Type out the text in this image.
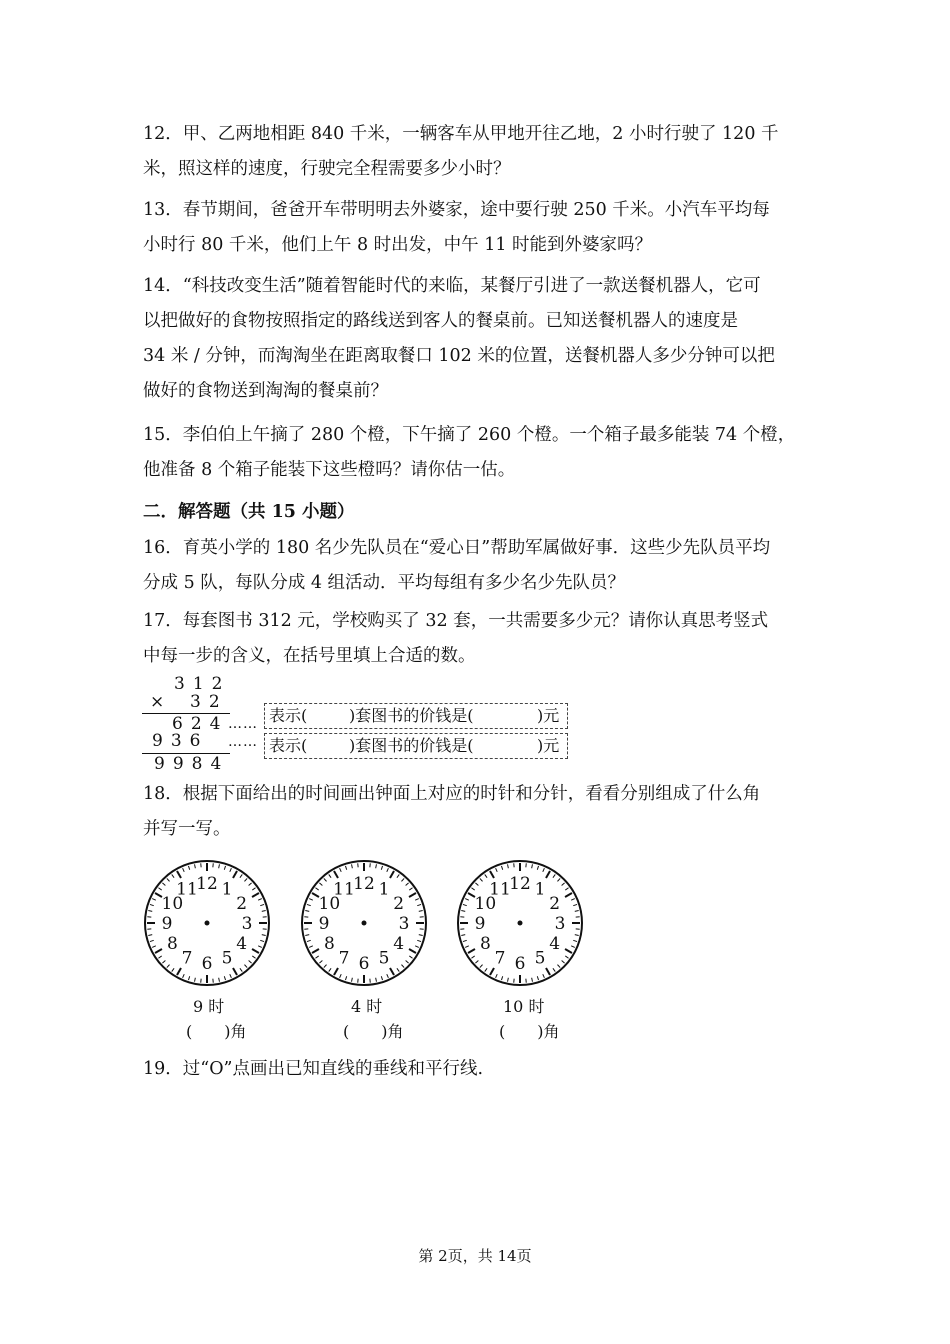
12．甲、乙两地相距 840 千米，一辆客车从甲地开往乙地，2 小时行驶了 120 千
米，照这样的速度，行驶完全程需要多少小时？
13．春节期间，爸爸开车带明明去外婆家，途中要行驶 250 千米。小汽车平均每
小时行 80 千米，他们上午 8 时出发，中午 11 时能到外婆家吗？
14．“科技改变生活”随着智能时代的来临，某餐厅引进了一款送餐机器人，它可
以把做好的食物按照指定的路线送到客人的餐桌前。已知送餐机器人的速度是
34 米 / 分钟，而淘淘坐在距离取餐口 102 米的位置，送餐机器人多少分钟可以把
做好的食物送到淘淘的餐桌前？
15．李伯伯上午摘了 280 个橙，下午摘了 260 个橙。一个箱子最多能装 74 个橙，
他准备 8 个箱子能装下这些橙吗？请你估一估。
二．解答题（共 15 小题）
16．育英小学的 180 名少先队员在“爱心日”帮助军属做好事．这些少先队员平均
分成 5 队，每队分成 4 组活动．平均每组有多少名少先队员？
17．每套图书 312 元，学校购买了 32 套，一共需要多少元？请你认真思考竖式
中每一步的含义，在括号里填上合适的数。
312
× 32
624 ……
936 ……
9984
表示(	)套图书的价钱是(	)元
表示(	)套图书的价钱是(	)元
18．根据下面给出的时间画出钟面上对应的时针和分针，看看分别组成了什么角
并写一写。
12 1
2
3
4
5
6
7
8
9
10
11	12 1
2
3
4
5
6
7
8
9
10
11	12 1
2
3
4
5
6
7
8
9
10
11
9 时	4 时	10 时
(　　)角	(　　)角	(　　)角
19．过“O”点画出已知直线的垂线和平行线.
第 2页，共 14页
